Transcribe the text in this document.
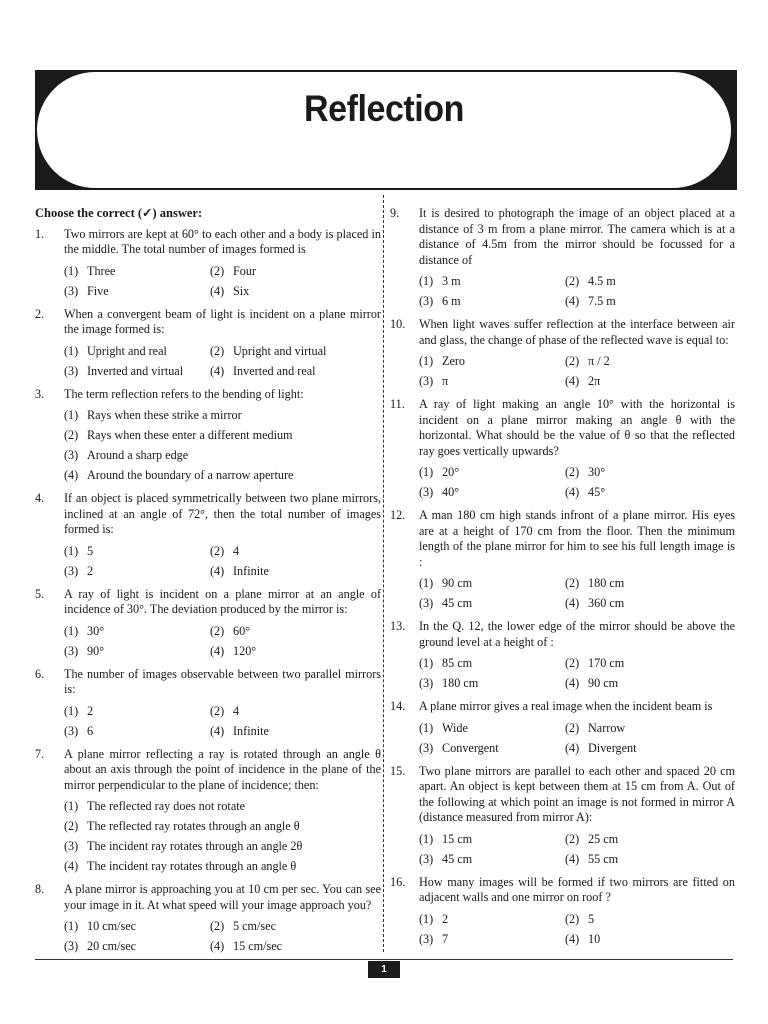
Reflection
Choose the correct (✓) answer:
1.	Two mirrors are kept at 60° to each other and a body is placed in the middle. The total number of images formed is
(1) Three	(2) Four
(3) Five	(4) Six
2.	When a convergent beam of light is incident on a plane mirror the image formed is:
(1) Upright and real	(2) Upright and virtual
(3) Inverted and virtual (4) Inverted and real
3.	The term reflection refers to the bending of light:
(1) Rays when these strike a mirror
(2) Rays when these enter a different medium
(3) Around a sharp edge
(4) Around the boundary of a narrow aperture
4.	If an object is placed symmetrically between two plane mirrors, inclined at an angle of 72°, then the total number of images formed is:
(1) 5	(2) 4
(3) 2	(4) Infinite
5.	A ray of light is incident on a plane mirror at an angle of incidence of 30°. The deviation produced by the mirror is:
(1) 30°	(2) 60°
(3) 90°	(4) 120°
6.	The number of images observable between two parallel mirrors is:
(1) 2	(2) 4
(3) 6	(4) Infinite
7.	A plane mirror reflecting a ray is rotated through an angle θ about an axis through the point of incidence in the plane of the mirror perpendicular to the plane of incidence; then:
(1) The reflected ray does not rotate
(2) The reflected ray rotates through an angle θ
(3) The incident ray rotates through an angle 2θ
(4) The incident ray rotates through an angle θ
8.	A plane mirror is approaching you at 10 cm per sec. You can see your image in it. At what speed will your image approach you?
(1) 10 cm/sec	(2) 5 cm/sec
(3) 20 cm/sec	(4) 15 cm/sec
9.	It is desired to photograph the image of an object placed at a distance of 3 m from a plane mirror. The camera which is at a distance of 4.5m from the mirror should be focussed for a distance of
(1) 3 m	(2) 4.5 m
(3) 6 m	(4) 7.5 m
10.	When light waves suffer reflection at the interface between air and glass, the change of phase of the reflected wave is equal to:
(1) Zero	(2) π / 2
(3) π	(4) 2π
11.	A ray of light making an angle 10° with the horizontal is incident on a plane mirror making an angle θ with the horizontal. What should be the value of θ so that the reflected ray goes vertically upwards?
(1) 20°	(2) 30°
(3) 40°	(4) 45°
12.	A man 180 cm high stands infront of a plane mirror. His eyes are at a height of 170 cm from the floor. Then the minimum length of the plane mirror for him to see his full length image is :
(1) 90 cm	(2) 180 cm
(3) 45 cm	(4) 360 cm
13.	In the Q. 12, the lower edge of the mirror should be above the ground level at a height of :
(1) 85 cm	(2) 170 cm
(3) 180 cm	(4) 90 cm
14.	A plane mirror gives a real image when the incident beam is
(1) Wide	(2) Narrow
(3) Convergent	(4) Divergent
15.	Two plane mirrors are parallel to each other and spaced 20 cm apart. An object is kept between them at 15 cm from A. Out of the following at which point an image is not formed in mirror A (distance measured from mirror A):
(1) 15 cm	(2) 25 cm
(3) 45 cm	(4) 55 cm
16.	How many images will be formed if two mirrors are fitted on adjacent walls and one mirror on roof ?
(1) 2	(2) 5
(3) 7	(4) 10
1
